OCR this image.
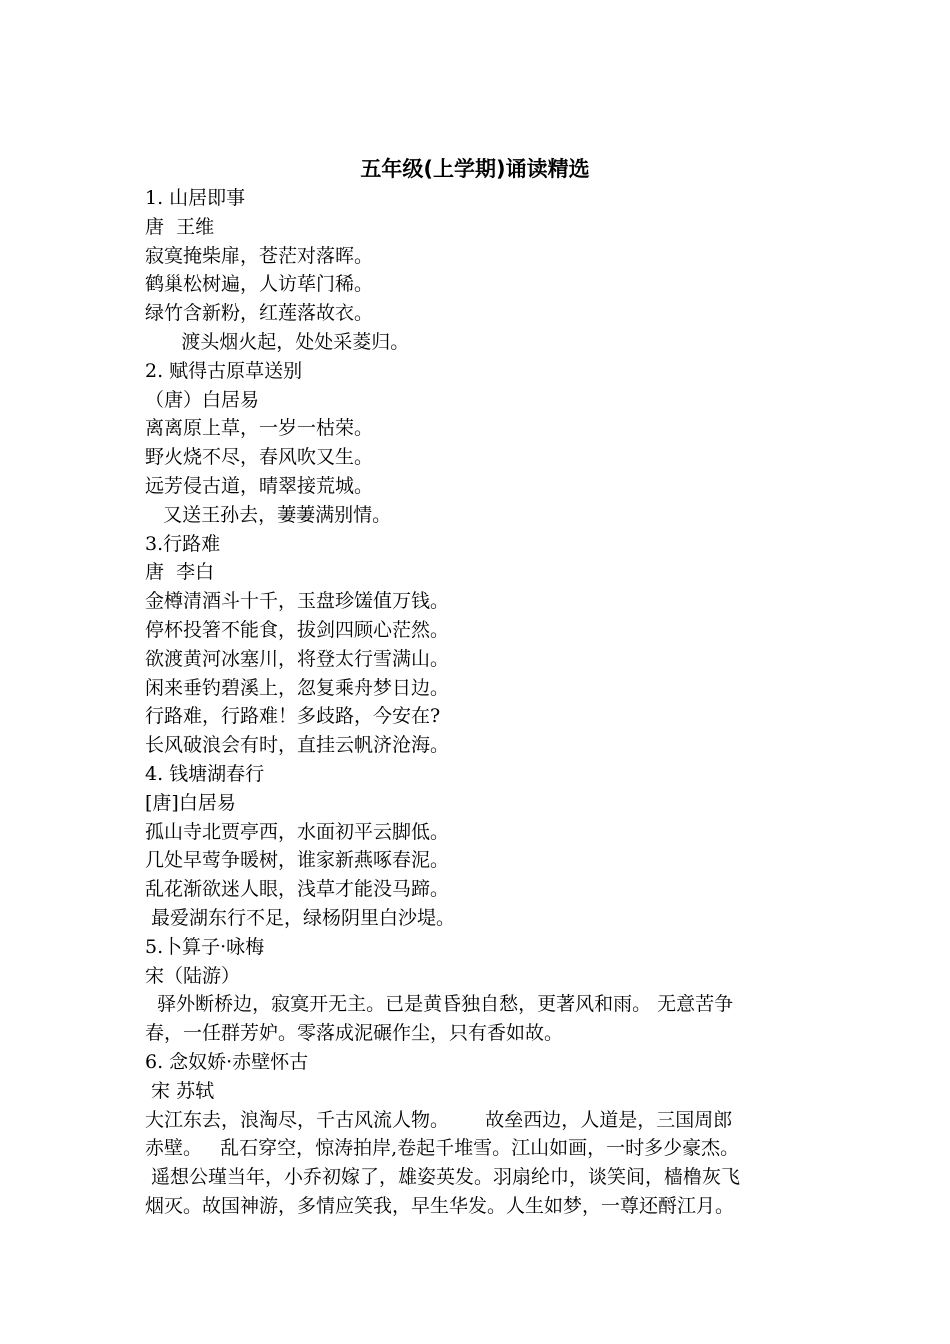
五年级(上学期)诵读精选
1. 山居即事
唐  王维
寂寞掩柴扉，苍茫对落晖。
鹤巢松树遍，人访荜门稀。
绿竹含新粉，红莲落故衣。
渡头烟火起，处处采菱归。
2. 赋得古原草送别
（唐）白居易
离离原上草，一岁一枯荣。
野火烧不尽，春风吹又生。
远芳侵古道，晴翠接荒城。
又送王孙去，萋萋满别情。
3.行路难
唐  李白
金樽清酒斗十千，玉盘珍馐值万钱。
停杯投箸不能食，拔剑四顾心茫然。
欲渡黄河冰塞川，将登太行雪满山。
闲来垂钓碧溪上，忽复乘舟梦日边。
行路难，行路难！多歧路，今安在?
长风破浪会有时，直挂云帆济沧海。
4. 钱塘湖春行
[唐]白居易
孤山寺北贾亭西，水面初平云脚低。
几处早莺争暖树，谁家新燕啄春泥。
乱花渐欲迷人眼，浅草才能没马蹄。
最爱湖东行不足，绿杨阴里白沙堤。
5.卜算子·咏梅
宋（陆游）
驿外断桥边，寂寞开无主。已是黄昏独自愁，更著风和雨。 无意苦争
春，一任群芳妒。零落成泥碾作尘，只有香如故。
6. 念奴娇·赤壁怀古
宋 苏轼
大江东去，浪淘尽，千古风流人物。      故垒西边，人道是，三国周郎
赤壁。   乱石穿空，惊涛拍岸,卷起千堆雪。江山如画，一时多少豪杰。
遥想公瑾当年，小乔初嫁了，雄姿英发。羽扇纶巾，谈笑间，樯橹灰飞
烟灭。故国神游，多情应笑我，早生华发。人生如梦，一尊还酹江月。
